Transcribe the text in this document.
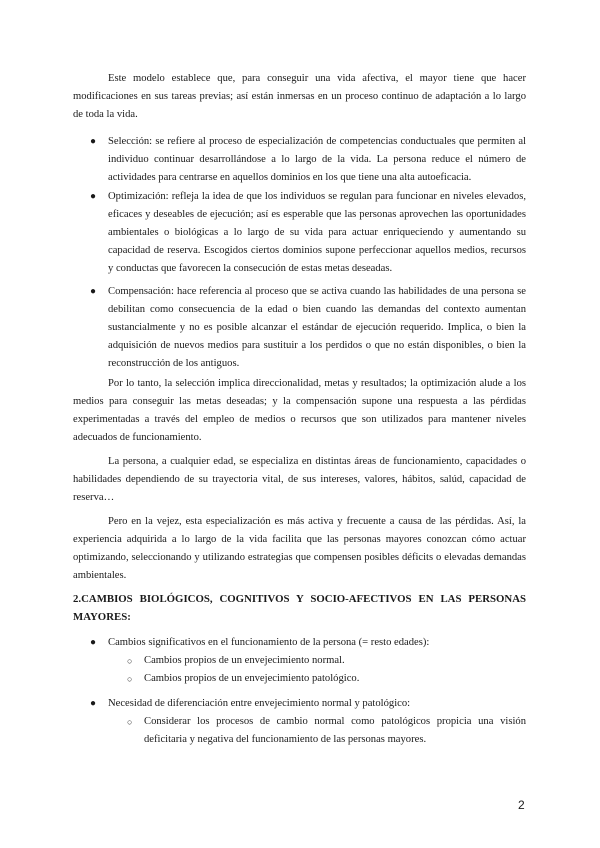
Este modelo establece que, para conseguir una vida afectiva, el mayor tiene que hacer modificaciones en sus tareas previas; así están inmersas en un proceso continuo de adaptación a lo largo de toda la vida.

● Selección: se refiere al proceso de especialización de competencias conductuales que permiten al individuo continuar desarrollándose a lo largo de la vida. La persona reduce el número de actividades para centrarse en aquellos dominios en los que tiene una alta autoeficacia.

● Optimización: refleja la idea de que los individuos se regulan para funcionar en niveles elevados, eficaces y deseables de ejecución; así es esperable que las personas aprovechen las oportunidades ambientales o biológicas a lo largo de su vida para actuar enriqueciendo y aumentando su capacidad de reserva. Escogidos ciertos dominios supone perfeccionar aquellos medios, recursos y conductas que favorecen la consecución de estas metas deseadas.

● Compensación: hace referencia al proceso que se activa cuando las habilidades de una persona se debilitan como consecuencia de la edad o bien cuando las demandas del contexto aumentan sustancialmente y no es posible alcanzar el estándar de ejecución requerido. Implica, o bien la adquisición de nuevos medios para sustituir a los perdidos o que no están disponibles, o bien la reconstrucción de los antiguos.

Por lo tanto, la selección implica direccionalidad, metas y resultados; la optimización alude a los medios para conseguir las metas deseadas; y la compensación supone una respuesta a las pérdidas experimentadas a través del empleo de medios o recursos que son utilizados para mantener niveles adecuados de funcionamiento.

La persona, a cualquier edad, se especializa en distintas áreas de funcionamiento, capacidades o habilidades dependiendo de su trayectoria vital, de sus intereses, valores, hábitos, salúd, capacidad de reserva…

Pero en la vejez, esta especialización es más activa y frecuente a causa de las pérdidas. Así, la experiencia adquirida a lo largo de la vida facilita que las personas mayores conozcan cómo actuar optimizando, seleccionando y utilizando estrategias que compensen posibles déficits o elevadas demandas ambientales.

2.CAMBIOS BIOLÓGICOS, COGNITIVOS Y SOCIO-AFECTIVOS EN LAS PERSONAS MAYORES:

● Cambios significativos en el funcionamiento de la persona (= resto edades):

○ Cambios propios de un envejecimiento normal.

○ Cambios propios de un envejecimiento patológico.

● Necesidad de diferenciación entre envejecimiento normal y patológico:

○ Considerar los procesos de cambio normal como patológicos propicia una visión deficitaria y negativa del funcionamiento de las personas mayores.

2
